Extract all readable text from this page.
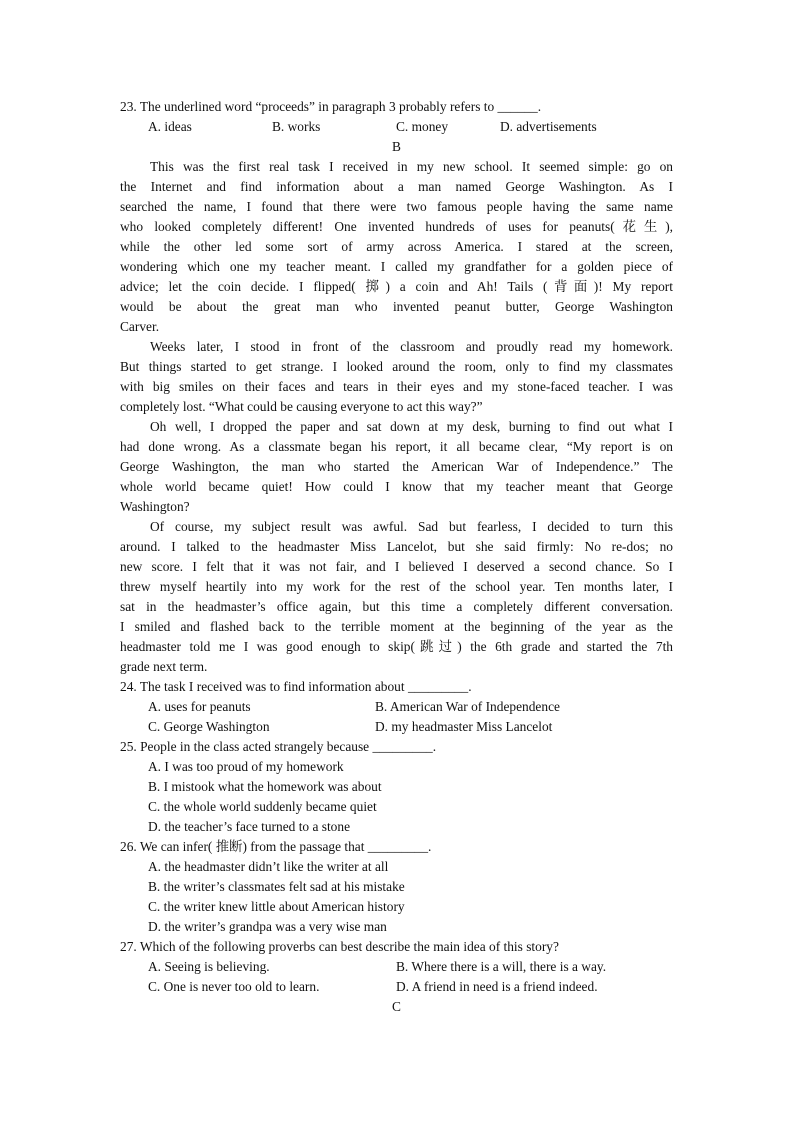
23. The underlined word “proceeds” in paragraph 3 probably refers to ______.
A. ideas	B. works	C. money	D. advertisements
B
This was the first real task I received in my new school. It seemed simple: go on
the Internet and find information about a man named George Washington. As I
searched the name, I found that there were two famous people having the same name
who looked completely different! One invented hundreds of uses for peanuts(花生),
while the other led some sort of army across America. I stared at the screen,
wondering which one my teacher meant. I called my grandfather for a golden piece of
advice; let the coin decide. I flipped( 掷) a coin and Ah! Tails (背面)! My report
would be about the great man who invented peanut butter, George Washington
Carver.
Weeks later, I stood in front of the classroom and proudly read my homework.
But things started to get strange. I looked around the room, only to find my classmates
with big smiles on their faces and tears in their eyes and my stone-faced teacher. I was
completely lost. “What could be causing everyone to act this way?”
Oh well, I dropped the paper and sat down at my desk, burning to find out what I
had done wrong. As a classmate began his report, it all became clear, “My report is on
George Washington, the man who started the American War of Independence.” The
whole world became quiet! How could I know that my teacher meant that George
Washington?
Of course, my subject result was awful. Sad but fearless, I decided to turn this
around. I talked to the headmaster Miss Lancelot, but she said firmly: No re-dos; no
new score. I felt that it was not fair, and I believed I deserved a second chance. So I
threw myself heartily into my work for the rest of the school year. Ten months later, I
sat in the headmaster’s office again, but this time a completely different conversation.
I smiled and flashed back to the terrible moment at the beginning of the year as the
headmaster told me I was good enough to skip(跳过) the 6th grade and started the 7th
grade next term.
24. The task I received was to find information about _________.
A. uses for peanuts	B. American War of Independence
C. George Washington	D. my headmaster Miss Lancelot
25. People in the class acted strangely because _________.
A. I was too proud of my homework
B. I mistook what the homework was about
C. the whole world suddenly became quiet
D. the teacher’s face turned to a stone
26. We can infer( 推断) from the passage that _________.
A. the headmaster didn’t like the writer at all
B. the writer’s classmates felt sad at his mistake
C. the writer knew little about American history
D. the writer’s grandpa was a very wise man
27. Which of the following proverbs can best describe the main idea of this story?
A. Seeing is believing.	B. Where there is a will, there is a way.
C. One is never too old to learn.	D. A friend in need is a friend indeed.
C
